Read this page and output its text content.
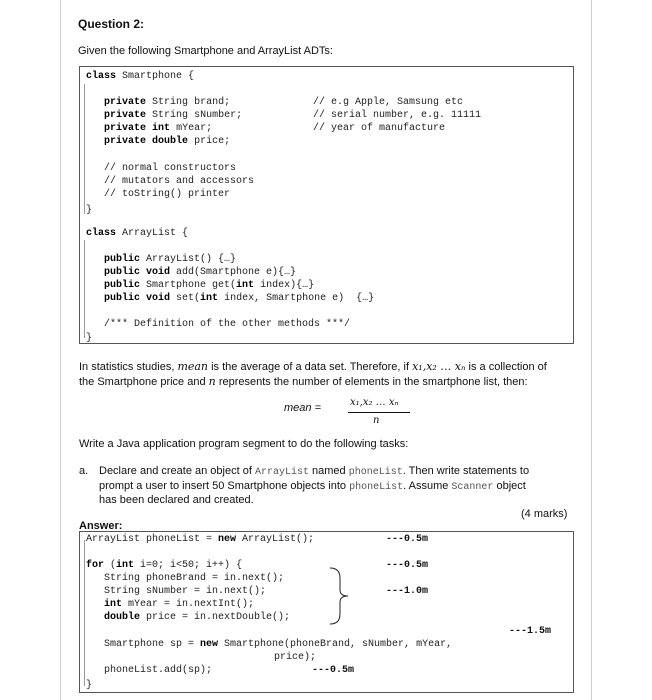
Question 2:
Given the following Smartphone and ArrayList ADTs:
class Smartphone {
private String brand;	// e.g Apple, Samsung etc
private String sNumber;	// serial number, e.g. 11111
private int mYear;	// year of manufacture
private double price;
// normal constructors
// mutators and accessors
// toString() printer
}
class ArrayList {
public ArrayList() {…}
public void add(Smartphone e){…}
public Smartphone get(int index){…}
public void set(int index, Smartphone e)  {…}
/*** Definition of the other methods ***/
}
In statistics studies, mean is the average of a data set. Therefore, if x₁,x₂ … xₙ is a collection of
the Smartphone price and n represents the number of elements in the smartphone list, then:
mean =	x₁,x₂ … xₙ
n
Write a Java application program segment to do the following tasks:
a. Declare and create an object of ArrayList named phoneList. Then write statements to
prompt a user to insert 50 Smartphone objects into phoneList. Assume Scanner object
has been declared and created.
(4 marks)
Answer:
ArrayList phoneList = new ArrayList();	---0.5m
for (int i=0; i<50; i++) {	---0.5m
String phoneBrand = in.next();
String sNumber = in.next();
int mYear = in.nextInt();
double price = in.nextDouble();
---1.0m
---1.5m
Smartphone sp = new Smartphone(phoneBrand, sNumber, mYear,
price);
phoneList.add(sp);	---0.5m
}
